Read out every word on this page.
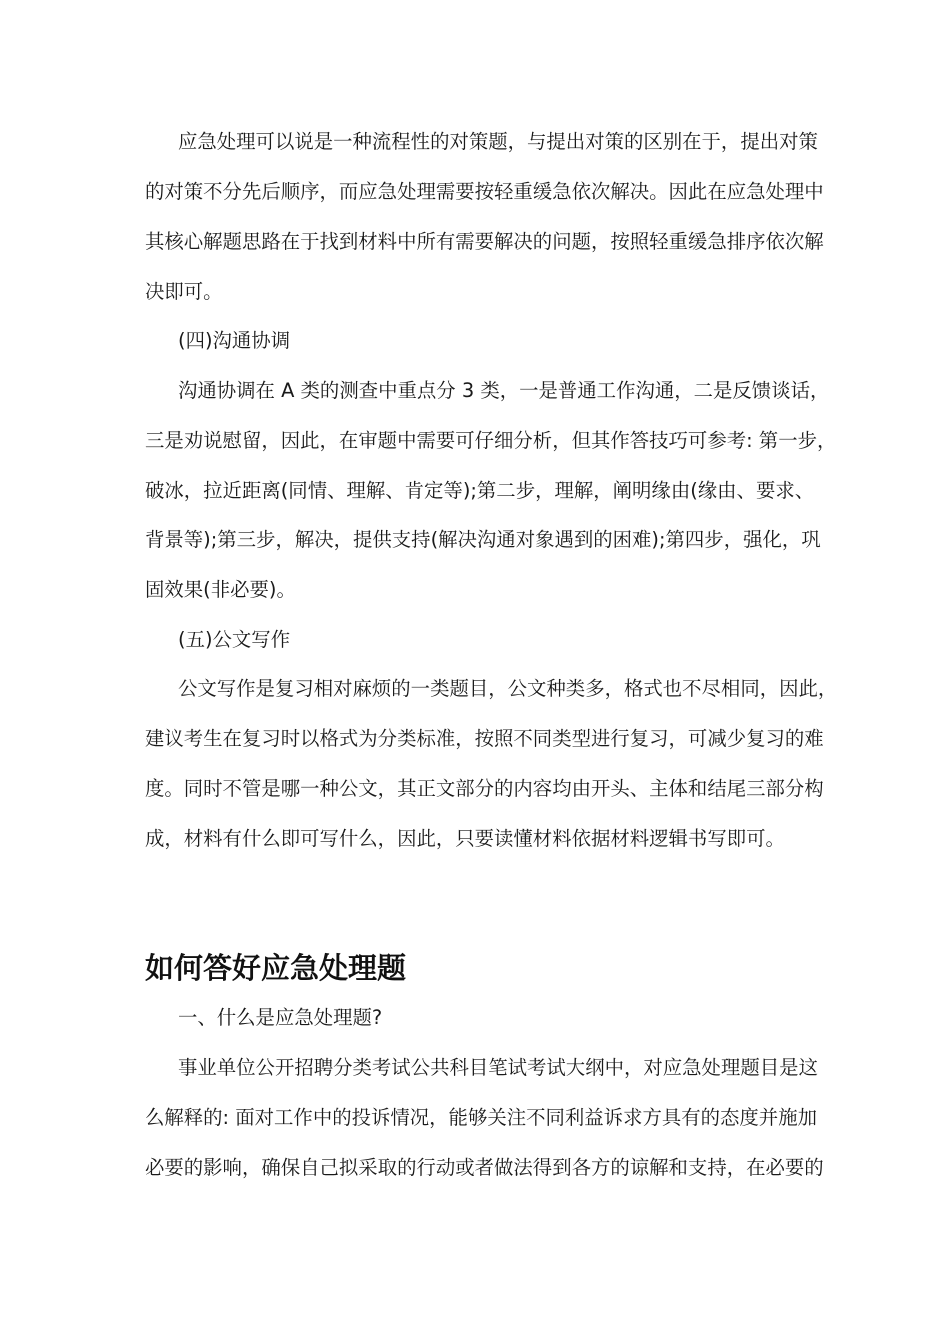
应急处理可以说是一种流程性的对策题，与提出对策的区别在于，提出对策
的对策不分先后顺序，而应急处理需要按轻重缓急依次解决。因此在应急处理中
其核心解题思路在于找到材料中所有需要解决的问题，按照轻重缓急排序依次解
决即可。
(四)沟通协调
沟通协调在 A 类的测查中重点分 3 类，一是普通工作沟通，二是反馈谈话，
三是劝说慰留，因此，在审题中需要可仔细分析，但其作答技巧可参考: 第一步，
破冰，拉近距离(同情、理解、肯定等);第二步，理解，阐明缘由(缘由、要求、
背景等);第三步，解决，提供支持(解决沟通对象遇到的困难);第四步，强化，巩
固效果(非必要)。
(五)公文写作
公文写作是复习相对麻烦的一类题目，公文种类多，格式也不尽相同，因此，
建议考生在复习时以格式为分类标准，按照不同类型进行复习，可减少复习的难
度。同时不管是哪一种公文，其正文部分的内容均由开头、主体和结尾三部分构
成，材料有什么即可写什么，因此，只要读懂材料依据材料逻辑书写即可。
如何答好应急处理题
一、什么是应急处理题?
事业单位公开招聘分类考试公共科目笔试考试大纲中，对应急处理题目是这
么解释的: 面对工作中的投诉情况，能够关注不同利益诉求方具有的态度并施加
必要的影响，确保自己拟采取的行动或者做法得到各方的谅解和支持，在必要的
